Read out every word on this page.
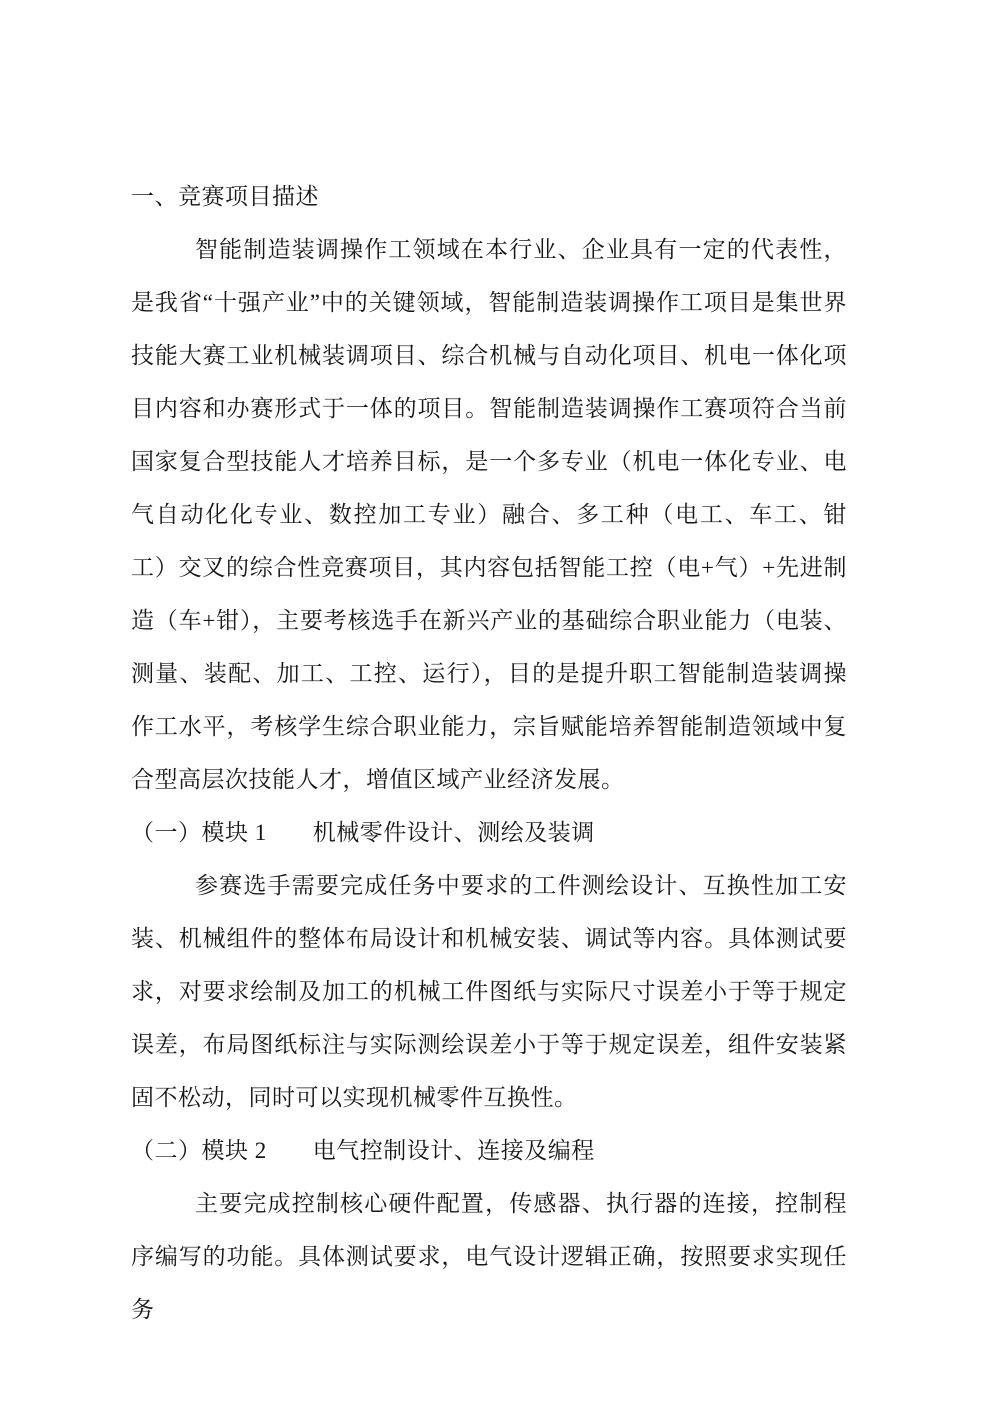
一、竞赛项目描述

智能制造装调操作工领域在本行业、企业具有一定的代表性，是我省“十强产业”中的关键领域，智能制造装调操作工项目是集世界技能大赛工业机械装调项目、综合机械与自动化项目、机电一体化项目内容和办赛形式于一体的项目。智能制造装调操作工赛项符合当前国家复合型技能人才培养目标，是一个多专业（机电一体化专业、电气自动化化专业、数控加工专业）融合、多工种（电工、车工、钳工）交叉的综合性竞赛项目，其内容包括智能工控（电+气）+先进制造（车+钳），主要考核选手在新兴产业的基础综合职业能力（电装、测量、装配、加工、工控、运行），目的是提升职工智能制造装调操作工水平，考核学生综合职业能力，宗旨赋能培养智能制造领域中复合型高层次技能人才，增值区域产业经济发展。

（一）模块 1 机械零件设计、测绘及装调

参赛选手需要完成任务中要求的工件测绘设计、互换性加工安装、机械组件的整体布局设计和机械安装、调试等内容。具体测试要求，对要求绘制及加工的机械工件图纸与实际尺寸误差小于等于规定误差，布局图纸标注与实际测绘误差小于等于规定误差，组件安装紧固不松动，同时可以实现机械零件互换性。

（二）模块 2 电气控制设计、连接及编程

主要完成控制核心硬件配置，传感器、执行器的连接，控制程序编写的功能。具体测试要求，电气设计逻辑正确，按照要求实现任务
